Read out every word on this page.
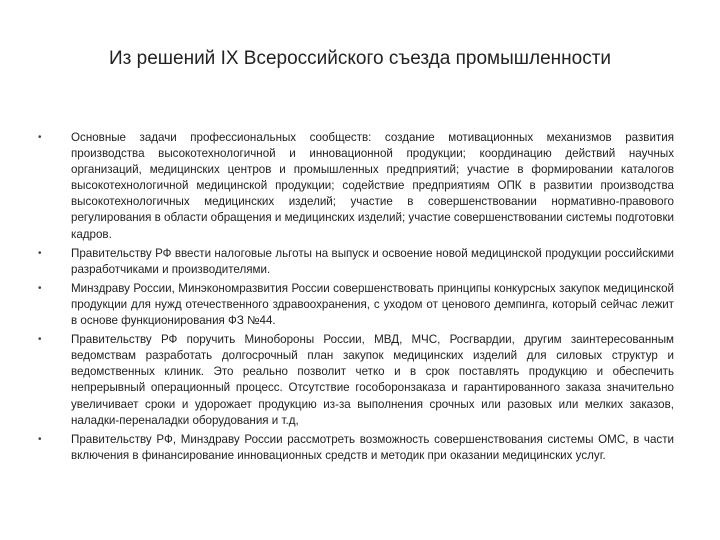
Из решений IX Всероссийского съезда промышленности
•	Основные задачи профессиональных сообществ: создание мотивационных механизмов развития производства высокотехнологичной и инновационной продукции; координацию действий научных организаций, медицинских центров и промышленных предприятий; участие в формировании каталогов высокотехнологичной медицинской продукции; содействие предприятиям ОПК в развитии производства высокотехнологичных медицинских изделий; участие в совершенствовании нормативно-правового регулирования в области обращения и медицинских изделий; участие совершенствовании системы подготовки кадров.
•	Правительству РФ ввести налоговые льготы на выпуск и освоение новой медицинской продукции российскими разработчиками и производителями.
•	Минздраву России, Минэкономразвития России совершенствовать принципы конкурсных закупок медицинской продукции для нужд отечественного здравоохранения, с уходом от ценового демпинга, который сейчас лежит в основе функционирования ФЗ №44.
•	Правительству РФ поручить Минобороны России, МВД, МЧС, Росгвардии, другим заинтересованным ведомствам разработать долгосрочный план закупок медицинских изделий для силовых структур и ведомственных клиник. Это реально позволит четко и в срок поставлять продукцию и обеспечить непрерывный операционный процесс. Отсутствие гособоронзаказа и гарантированного заказа значительно увеличивает сроки и удорожает продукцию из-за выполнения срочных или разовых или мелких заказов, наладки-переналадки оборудования и т.д,
•	Правительству РФ, Минздраву России рассмотреть возможность совершенствования системы ОМС, в части включения в финансирование инновационных средств и методик при оказании медицинских услуг.
